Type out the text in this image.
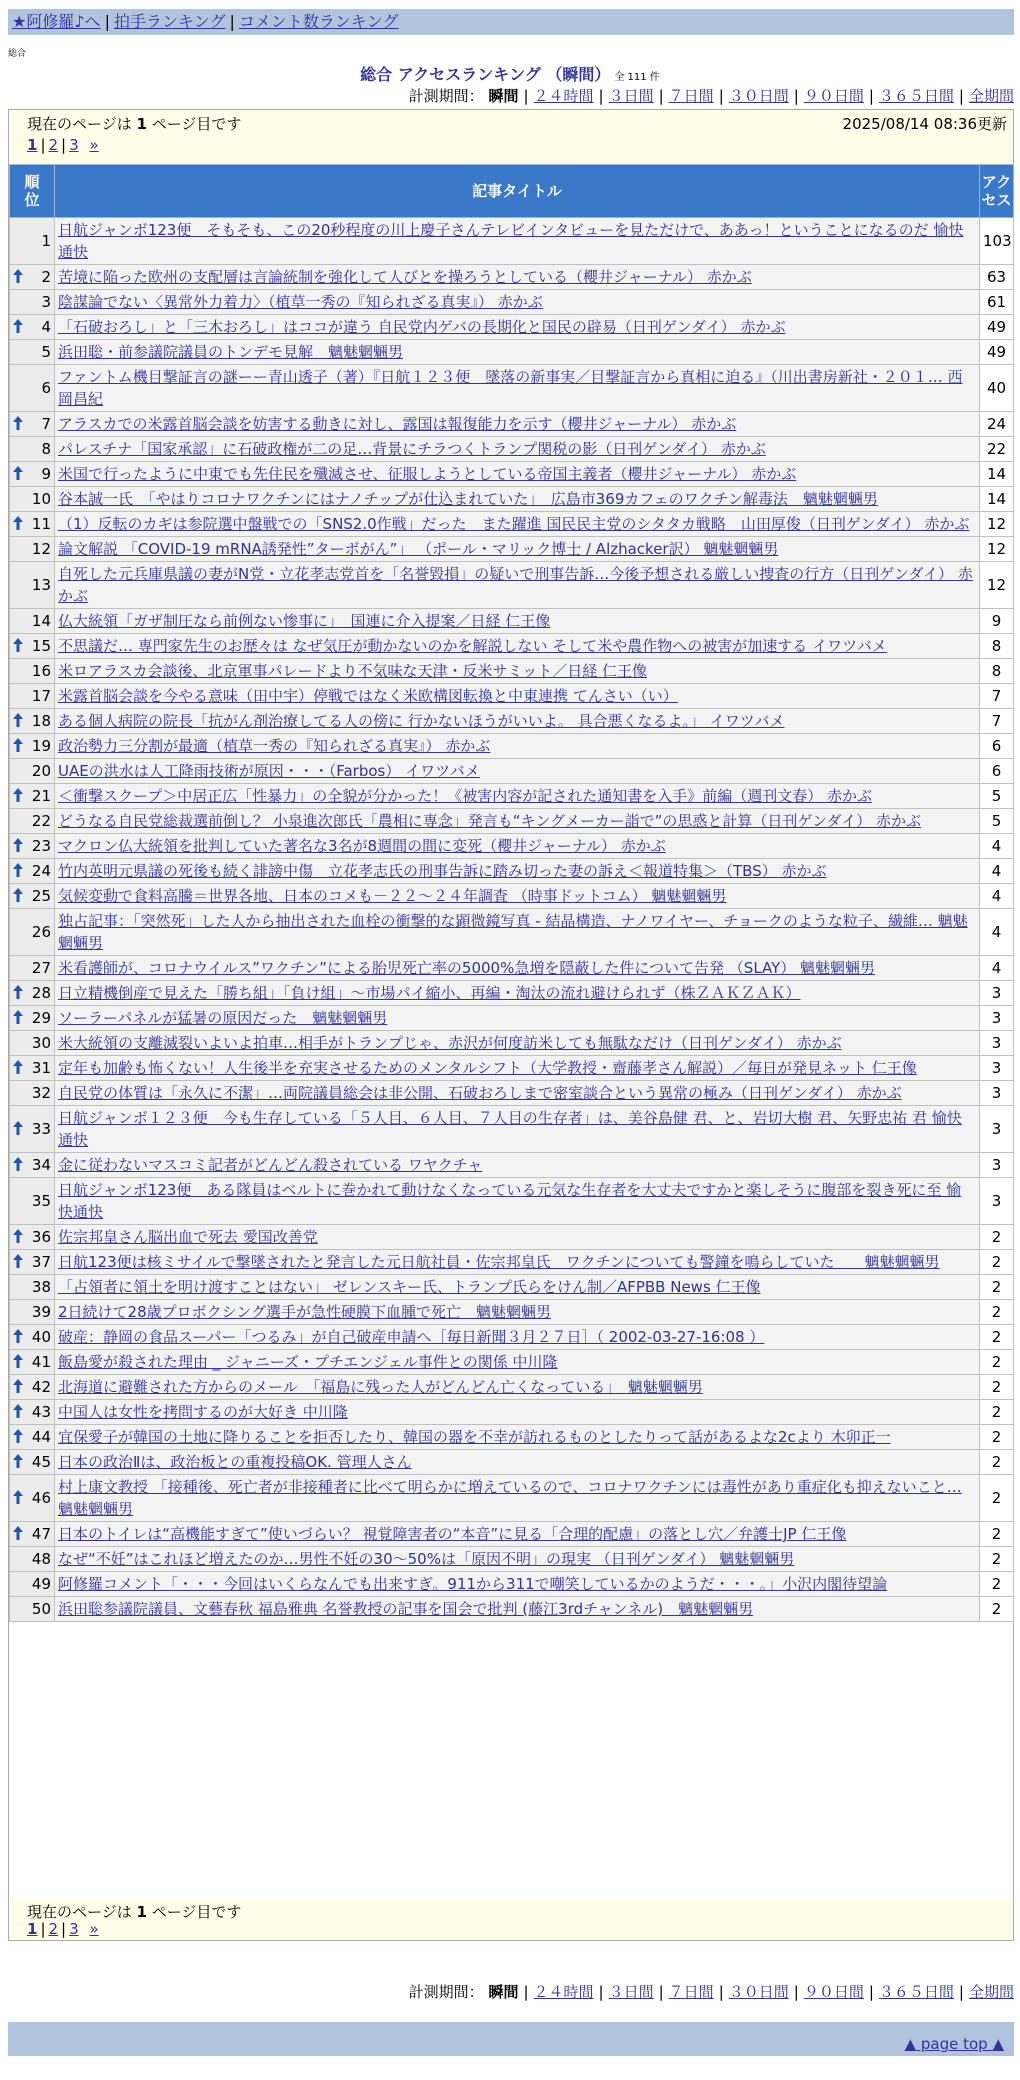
★阿修羅♪へ | 拍手ランキング | コメント数ランキング
総合
総合 アクセスランキング （瞬間） 全 111 件
計測期間： 瞬間 | ２４時間 | ３日間 | ７日間 | ３０日間 | ９０日間 | ３６５日間 | 全期間
現在のページは 1 ページ目です	2025/08/14 08:36更新
1 | 2 | 3 »
順位	記事タイトル	アクセス
1	日航ジャンボ123便　そもそも、この20秒程度の川上慶子さんテレビインタビューを見ただけで、ああっ！ということになるのだ 愉快通快	103

2	苦境に陥った欧州の支配層は言論統制を強化して人びとを操ろうとしている（櫻井ジャーナル） 赤かぶ	63
3	陰謀論でない〈異常外力着力〉（植草一秀の『知られざる真実』） 赤かぶ	61

4	「石破おろし」と「三木おろし」はココが違う 自民党内ゲバの長期化と国民の辟易（日刊ゲンダイ） 赤かぶ	49
5	浜田聡・前参議院議員のトンデモ見解　魑魅魍魎男	49
6	ファントム機目撃証言の謎ーー青山透子（著）『日航１２３便　墜落の新事実／目撃証言から真相に迫る』（川出書房新社・２０１… 西岡昌紀	40

7	アラスカでの米露首脳会談を妨害する動きに対し、露国は報復能力を示す（櫻井ジャーナル） 赤かぶ	24
8	パレスチナ「国家承認」に石破政権が二の足…背景にチラつくトランプ関税の影（日刊ゲンダイ） 赤かぶ	22

9	米国で行ったように中東でも先住民を殲滅させ、征服しようとしている帝国主義者（櫻井ジャーナル） 赤かぶ	14
10	谷本誠一氏　「やはりコロナワクチンにはナノチップが仕込まれていた」　広島市369カフェのワクチン解毒法　魑魅魍魎男	14

11	（1）反転のカギは参院選中盤戦での「SNS2.0作戦」だった　また躍進 国民民主党のシタタカ戦略　山田厚俊（日刊ゲンダイ） 赤かぶ	12
12	論文解説 「COVID-19 mRNA誘発性”ターボがん”」 （ポール・マリック博士 / Alzhacker訳） 魑魅魍魎男	12
13	自死した元兵庫県議の妻がN党・立花孝志党首を「名誉毀損」の疑いで刑事告訴…今後予想される厳しい捜査の行方（日刊ゲンダイ） 赤かぶ	12
14	仏大統領「ガザ制圧なら前例ない惨事に」　国連に介入提案／日経 仁王像	9

15	不思議だ… 専門家先生のお歴々は なぜ気圧が動かないのかを解説しない そして米や農作物への被害が加速する イワツバメ	8
16	米ロアラスカ会談後、北京軍事パレードより不気味な天津・反米サミット／日経 仁王像	8
17	米露首脳会談を今やる意味（田中宇）停戦ではなく米欧構図転換と中東連携 てんさい（い）	7

18	ある個人病院の院長「抗がん剤治療してる人の傍に 行かないほうがいいよ。 具合悪くなるよ。」 イワツバメ	7

19	政治勢力三分割が最適（植草一秀の『知られざる真実』） 赤かぶ	6
20	UAEの洪水は人工降雨技術が原因・・・（Farbos） イワツバメ	6

21	＜衝撃スクープ＞中居正広「性暴力」の全貌が分かった！《被害内容が記された通知書を入手》前編（週刊文春） 赤かぶ	5
22	どうなる自民党総裁選前倒し？ 小泉進次郎氏「農相に専念」発言も“キングメーカー詣で”の思惑と計算（日刊ゲンダイ） 赤かぶ	5

23	マクロン仏大統領を批判していた著名な3名が8週間の間に変死（櫻井ジャーナル） 赤かぶ	4

24	竹内英明元県議の死後も続く誹謗中傷　立花孝志氏の刑事告訴に踏み切った妻の訴え＜報道特集＞（TBS） 赤かぶ	4

25	気候変動で食料高騰＝世界各地、日本のコメも－２２～２４年調査 （時事ドットコム） 魑魅魍魎男	4
26	独占記事：「突然死」した人から抽出された血栓の衝撃的な顕微鏡写真 - 結晶構造、ナノワイヤー、チョークのような粒子、繊維… 魑魅魍魎男	4
27	米看護師が、コロナウイルス”ワクチン”による胎児死亡率の5000%急増を隠蔽した件について告発 （SLAY） 魑魅魍魎男	4

28	日立精機倒産で見えた「勝ち組」「負け組」～市場パイ縮小、再編・淘汰の流れ避けられず（株ＺＡＫＺＡＫ）	3

29	ソーラーパネルが猛暑の原因だった　魑魅魍魎男	3
30	米大統領の支離滅裂いよいよ拍車…相手がトランプじゃ、赤沢が何度訪米しても無駄なだけ（日刊ゲンダイ） 赤かぶ	3

31	定年も加齢も怖くない！人生後半を充実させるためのメンタルシフト（大学教授・齋藤孝さん解説）／毎日が発見ネット 仁王像	3
32	自民党の体質は「永久に不潔」…両院議員総会は非公開、石破おろしまで密室談合という異常の極み（日刊ゲンダイ） 赤かぶ	3

33	日航ジャンボ１２３便　今も生存している「５人目、６人目、７人目の生存者」は、美谷島健 君、と、岩切大樹 君、矢野忠祐 君 愉快通快	3

34	金に従わないマスコミ記者がどんどん殺されている ワヤクチャ	3
35	日航ジャンボ123便　ある隊員はベルトに巻かれて動けなくなっている元気な生存者を大丈夫ですかと楽しそうに腹部を裂き死に至 愉快通快	3

36	佐宗邦皇さん脳出血で死去 愛国改善党	2

37	日航123便は核ミサイルで撃墜されたと発言した元日航社員・佐宗邦皇氏　ワクチンについても警鐘を鳴らしていた　　魑魅魍魎男	2
38	「占領者に領土を明け渡すことはない」 ゼレンスキー氏、トランプ氏らをけん制／AFPBB News 仁王像	2
39	2日続けて28歳プロボクシング選手が急性硬膜下血腫で死亡　魑魅魍魎男	2

40	破産：静岡の食品スーパー「つるみ」が自己破産申請へ［毎日新聞３月２７日］（ 2002-03-27-16:08 ）	2

41	飯島愛が殺された理由 _ ジャニーズ・プチエンジェル事件との関係 中川隆	2

42	北海道に避難された方からのメール　「福島に残った人がどんどん亡くなっている」　魑魅魍魎男	2

43	中国人は女性を拷問するのが大好き 中川隆	2

44	宜保愛子が韓国の土地に降りることを拒否したり、韓国の器を不幸が訪れるものとしたりって話があるよな2cより 木卯正一	2

45	日本の政治Ⅱは、政治板との重複投稿OK. 管理人さん	2

46	村上康文教授 「接種後、死亡者が非接種者に比べて明らかに増えているので、コロナワクチンには毒性があり重症化も抑えないこと… 魑魅魍魎男	2

47	日本のトイレは“高機能すぎて”使いづらい？ 視覚障害者の“本音”に見る「合理的配慮」の落とし穴／弁護士JP 仁王像	2
48	なぜ“不妊”はこれほど増えたのか…男性不妊の30～50%は「原因不明」の現実 （日刊ゲンダイ） 魑魅魍魎男	2
49	阿修羅コメント「・・・今回はいくらなんでも出来すぎ。911から311で嘲笑しているかのようだ・・・。」小沢内閣待望論	2
50	浜田聡参議院議員、文藝春秋 福島雅典 名誉教授の記事を国会で批判 (藤江3rdチャンネル)　魑魅魍魎男	2
現在のページは 1 ページ目です
1 | 2 | 3 »
計測期間： 瞬間 | ２４時間 | ３日間 | ７日間 | ３０日間 | ９０日間 | ３６５日間 | 全期間
▲ page top ▲
